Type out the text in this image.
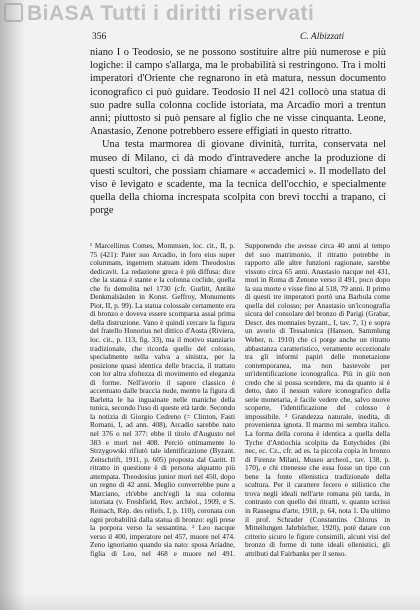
BiASA Tutti i diritti riservati
356	C. Albizzati

niano I o Teodosio, se ne possono sostituire altre più numerose e più logiche: il campo s'allarga, ma le probabilità si restringono. Tra i molti imperatori d'Oriente che regnarono in età matura, nessun documento iconografico ci può guidare. Teodosio II nel 421 collocò una statua di suo padre sulla colonna coclide istoriata, ma Arcadio morì a trentun anni; piuttosto si può pensare al figlio che ne visse cinquanta. Leone, Anastasio, Zenone potrebbero essere effigiati in questo ritratto.

Una testa marmorea di giovane divinità, turrita, conservata nel museo di Milano, ci dà modo d'intravedere anche la produzione di questi scultori, che possiam chiamare « accademici ». Il modellato del viso è levigato e scadente, ma la tecnica dell'occhio, e specialmente quella della chioma increspata scolpita con brevi tocchi a trapano, ci porge

¹ Marcellinus Comes, Mommsen, loc. cit., II, p. 75 (421): Pater suo Arcadio, in foro eius super columnam, ingentem statuam idem Theodosius dedicavit. La redazione greca è più diffusa: dice che la statua è stante e la colonna coclide, quella che fu demolita nel 1730 (cfr. Gurlitt, Antike Denkmalsäulen in Konst. Geffroy, Monuments Piot, II, p. 99). La statua colossale certamente era di bronzo e doveva essere scomparsa assai prima della distruzione. Vano è quindi cercare la figura del fratello Honorius nel dittico d'Aosta (Riviera, loc. cit., p. 113, fig. 33), ma il motivo stanziario tradizionale, che ricorda quello del colosso, specialmente nella valva a sinistra, per la posizione quasi identica delle braccia, il trattato con lor altra sfoltezza di movimento ed eleganza di forme. Nell'avorio il sapore classico è accentuato dalle braccia nude, mentre la figura di Barletta le ha inguainate nelle maniche della tunica, secondo l'uso di queste età tarde. Secondo la notizia di Giorgio Cedreno (= Clinton, Fasti Romani, I, ad ann. 408), Arcadio sarebbe nato nel 376 o nel 377: ebbe il titolo d'Augusto nel 383 e morì nel 408. Perciò ottimamente lo Strzygowski rifiutò tale identificazione (Byzant. Zeitschrift, 1911, p. 605) proposta dal Garitt. Il ritratto in questione è di persona alquanto più attempata. Theodosius junior morì nel 450, dopo un regno di 42 anni. Meglio converrebbe pure a Marciano, ch'ebbe anch'egli la sua colonna istoriata (v. Freshfield, Rev. archéol., 1909, e S. Reinach, Rép. des reliefs, I, p. 110), coronata con ogni probabilità dalla statua di bronzo: egli prese la porpora verso la sessantina. ² Leo nacque verso il 400, imperatore nel 457, muore nel 474. Zeno ignoriamo quando sia nato: sposa Ariadne, figlia di Leo, nel 468 e muore nel 491. Supponendo che avesse circa 40 anni al tempo del suo matrimonio, il ritratto potrebbe in rapporto alle altre funzioni ragionate, sarebbe vissuto circa 65 anni. Anastasio nacque nel 431, morì in Roma di Zenone verso il 491, poco dopo la sua morte e visse fino al 518, 79 anni. Il primo di questi tre imperatori portò una Barbula come quella del colosso; per Anastasio un'iconografia sicura del consolare del bronzo di Parigi (Grabar, Descr. des monnaies byzant., I, tav. 7, 1) e sopra un avorio di Tessalonica (Hanson, Sammlung Weber, n. 1910) che ci porge anche un ritratto abbastanza caratteristico, veramente eccezionale tra gli informi papiri delle monetazione contemporanea, ma non bastevole per un'identificazione iconografica. Più in giù non credo che si possa scendere, ma da quanto si è detto, dato il nessun valore iconografico della serie monetaria, è facile vedere che, salvo nuove scoperte, l'identificazione del colosso è impossibile. ³ Grandezza naturale, inedita, di provenienza ignota. Il marmo mi sembra italico. La forma della corona è identica a quella della Tyche d'Antiochia scolpita da Eutychides (ibi nec, ec. Cz., cfr. ad es. la piccola copia in bronzo di Firenze Milani, Museo archeol., tav. 138, p. 170), e chi ritenesse che essa fosse un tipo con bene la fonte ellenistica tradizionale della scultura. Per il carattere fecero e stilistico che trova negli ideali nell'arte romana più tarda, in contrasto con quello dei ritratti, v. quanto scrissi in Rassegna d'arte, 1918, p. 64, nota 1. Da ultimo il prof. Schrader (Constantins Chlorus in Mitteilungen Jahrbücher, 1920), poté datare con criterio sicuro le figure consimili, alcuni visi del bronzo di forme di tutte ideali ellenistici, gli attributi dal Fairbanks per il senso.
